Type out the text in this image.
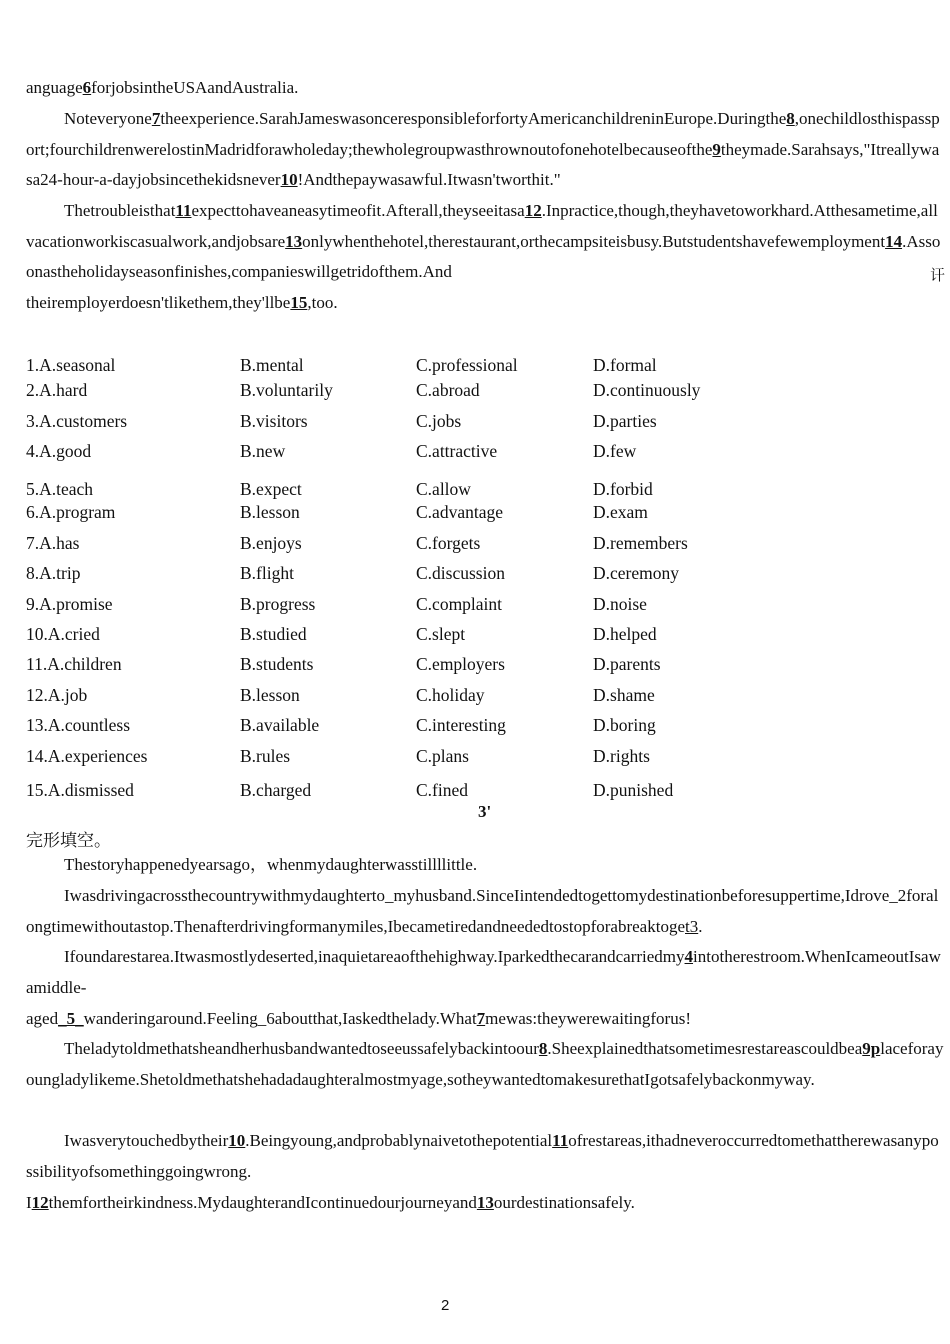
anguage6forjobsintheUSAandAustralia.

Noteveryone7theexperience.SarahJameswasonceresponsibleforfortyAmericanchildreninEurope.Duringthe8,onechildlosthispassport;fourchildrenwerelostinMadridforawholeday;thewholegroupwasthrownoutofonehotelbecauseofthe9theymade.Sarahsays,"Itreallywasa24-hour-a-dayjobsincethekidsnever10!Andthepaywasawful.Itwasn'tworthit."

Thetroubleisthat11expecttohaveaneasytimeofit.Afterall,theyseeitasa12.Inpractice,though,theyhavetoworkhard.Atthesametime,allvacationworkiscasualwork,andjobsare13onlywhenthehotel,therestaurant,orthecampsiteisbusy.Butstudentshavefewemployment14.Assoonastheholidayseasonfinishes,companieswillgetridofthem.And	讦

theiremployerdoesn'tlikethem,they'llbe15,too.

1.A.seasonal	B.mental	C.professional	D.formal
2.A.hard	B.voluntarily	C.abroad	D.continuously
3.A.customers	B.visitors	C.jobs	D.parties
4.A.good	B.new	C.attractive	D.few
5.A.teach	B.expect	C.allow	D.forbid
6.A.program	B.lesson	C.advantage	D.exam
7.A.has	B.enjoys	C.forgets	D.remembers
8.A.trip	B.flight	C.discussion	D.ceremony
9.A.promise	B.progress	C.complaint	D.noise
10.A.cried	B.studied	C.slept	D.helped
11.A.children	B.students	C.employers	D.parents
12.A.job	B.lesson	C.holiday	D.shame
13.A.countless	B.available	C.interesting	D.boring
14.A.experiences	B.rules	C.plans	D.rights
15.A.dismissed	B.charged	C.fined	D.punished
3'
完形填空。

Thestoryhappenedyearsago，whenmydaughterwasstillllittle.

Iwasdrivingacrossthecountrywithmydaughterto_myhusband.SinceIintendedtogettomydestinationbeforesuppertime,Idrove_2foralongtimewithoutastop.Thenafterdrivingformanymiles,Ibecametiredandneededtostopforabreaktoget3.

Ifoundarestarea.Itwasmostlydeserted,inaquietareaofthehighway.Iparkedthecarandcarriedmy4intotherestroom.WhenIcameoutIsawamiddle-

aged_5_wanderingaround.Feeling_6aboutthat,Iaskedthelady.What7mewas:theywerewaitingforus!

Theladytoldmethatsheandherhusbandwantedtoseeussafelybackintoour8.Sheexplainedthatsometimesrestareascouldbea9placeforayoungladylikeme.Shetoldmethatshehadadaughteralmostmyage,sotheywantedtomakesurethatIgotsafelybackonmyway.

Iwasverytouchedbytheir10.Beingyoung,andprobablynaivetothepotential11ofrestareas,ithadneveroccurredtomethattherewasanypossibilityofsomethinggoingwrong.

I12themfortheirkindness.MydaughterandIcontinuedourjourneyand13ourdestinationsafely.

2
